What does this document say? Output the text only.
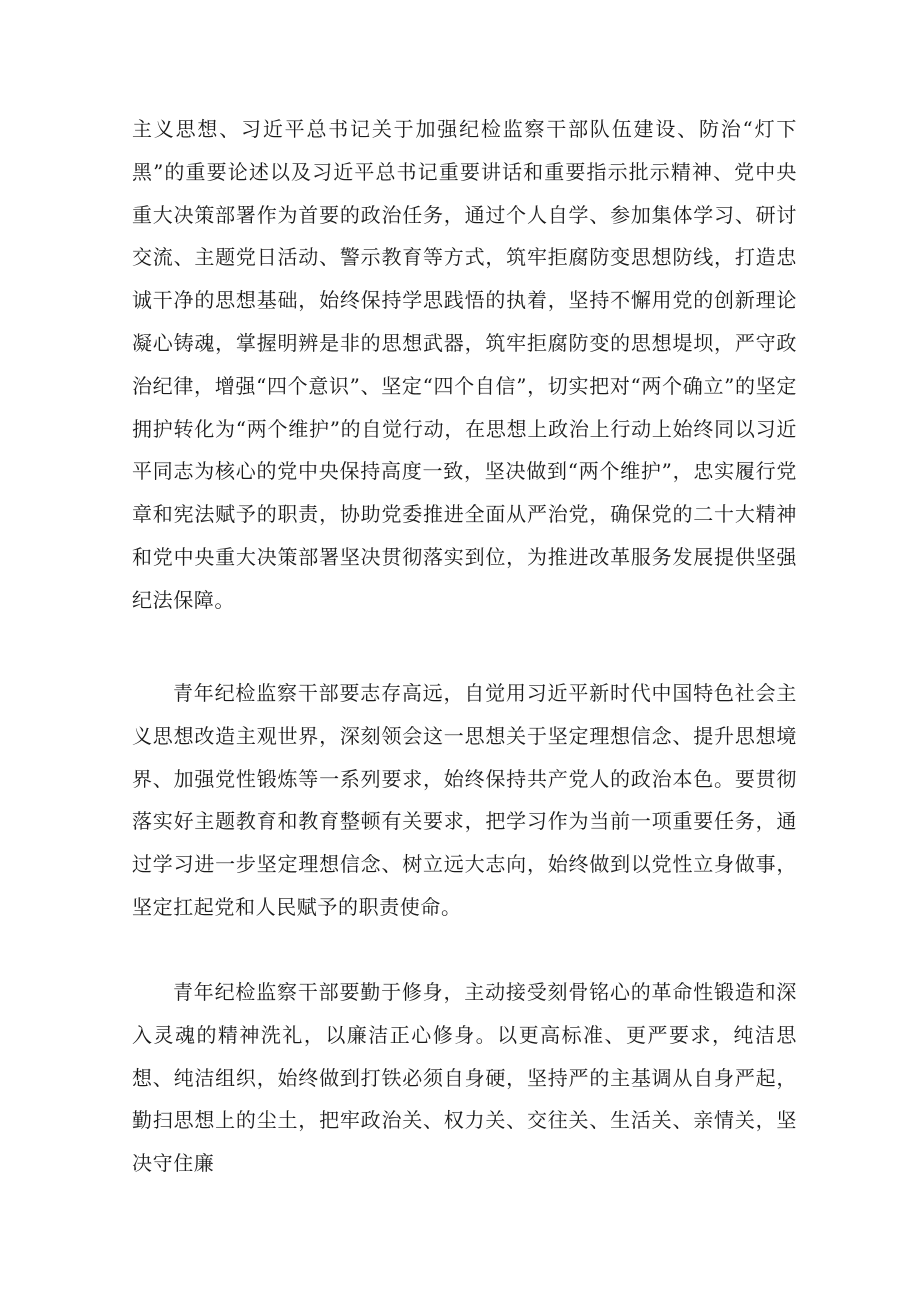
主义思想、习近平总书记关于加强纪检监察干部队伍建设、防治“灯下黑”的重要论述以及习近平总书记重要讲话和重要指示批示精神、党中央重大决策部署作为首要的政治任务，通过个人自学、参加集体学习、研讨交流、主题党日活动、警示教育等方式，筑牢拒腐防变思想防线，打造忠诚干净的思想基础，始终保持学思践悟的执着，坚持不懈用党的创新理论凝心铸魂，掌握明辨是非的思想武器，筑牢拒腐防变的思想堤坝，严守政治纪律，增强“四个意识”、坚定“四个自信”，切实把对“两个确立”的坚定拥护转化为“两个维护”的自觉行动，在思想上政治上行动上始终同以习近平同志为核心的党中央保持高度一致，坚决做到“两个维护”，忠实履行党章和宪法赋予的职责，协助党委推进全面从严治党，确保党的二十大精神和党中央重大决策部署坚决贯彻落实到位，为推进改革服务发展提供坚强纪法保障。

青年纪检监察干部要志存高远，自觉用习近平新时代中国特色社会主义思想改造主观世界，深刻领会这一思想关于坚定理想信念、提升思想境界、加强党性锻炼等一系列要求，始终保持共产党人的政治本色。要贯彻落实好主题教育和教育整顿有关要求，把学习作为当前一项重要任务，通过学习进一步坚定理想信念、树立远大志向，始终做到以党性立身做事，坚定扛起党和人民赋予的职责使命。

青年纪检监察干部要勤于修身，主动接受刻骨铭心的革命性锻造和深入灵魂的精神洗礼，以廉洁正心修身。以更高标准、更严要求，纯洁思想、纯洁组织，始终做到打铁必须自身硬，坚持严的主基调从自身严起，勤扫思想上的尘土，把牢政治关、权力关、交往关、生活关、亲情关，坚决守住廉
